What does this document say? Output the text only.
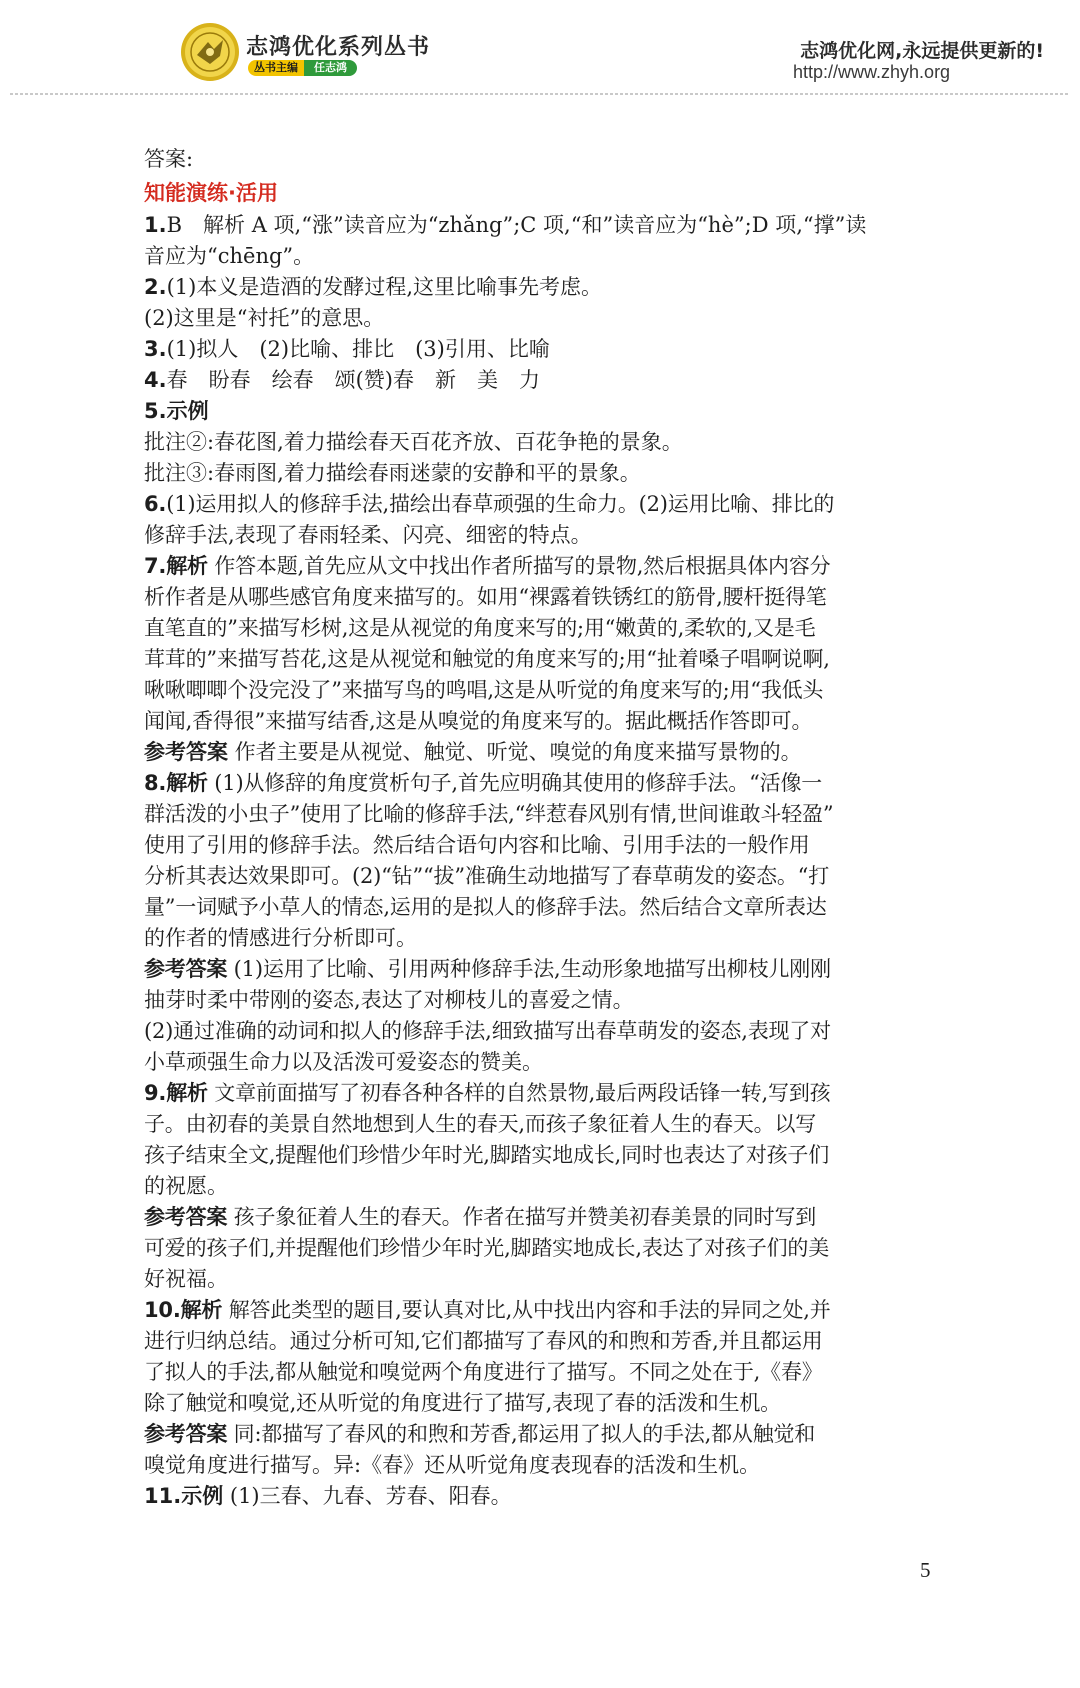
志鸿优化系列丛书
丛书主编	任志鸿
志鸿优化网,永远提供更新的!
http://www.zhyh.org
答案:
知能演练·活用
1.B　解析 A 项,“涨”读音应为“zhǎng”;C 项,“和”读音应为“hè”;D 项,“撑”读
音应为“chēng”。
2.(1)本义是造酒的发酵过程,这里比喻事先考虑。
(2)这里是“衬托”的意思。
3.(1)拟人　(2)比喻、排比　(3)引用、比喻
4.春　盼春　绘春　颂(赞)春　新　美　力
5.示例
批注②:春花图,着力描绘春天百花齐放、百花争艳的景象。
批注③:春雨图,着力描绘春雨迷蒙的安静和平的景象。
6.(1)运用拟人的修辞手法,描绘出春草顽强的生命力。(2)运用比喻、排比的
修辞手法,表现了春雨轻柔、闪亮、细密的特点。
7.解析 作答本题,首先应从文中找出作者所描写的景物,然后根据具体内容分
析作者是从哪些感官角度来描写的。如用“裸露着铁锈红的筋骨,腰杆挺得笔
直笔直的”来描写杉树,这是从视觉的角度来写的;用“嫩黄的,柔软的,又是毛
茸茸的”来描写苔花,这是从视觉和触觉的角度来写的;用“扯着嗓子唱啊说啊,
啾啾唧唧个没完没了”来描写鸟的鸣唱,这是从听觉的角度来写的;用“我低头
闻闻,香得很”来描写结香,这是从嗅觉的角度来写的。据此概括作答即可。
参考答案 作者主要是从视觉、触觉、听觉、嗅觉的角度来描写景物的。
8.解析 (1)从修辞的角度赏析句子,首先应明确其使用的修辞手法。“活像一
群活泼的小虫子”使用了比喻的修辞手法,“绊惹春风别有情,世间谁敢斗轻盈”
使用了引用的修辞手法。然后结合语句内容和比喻、引用手法的一般作用
分析其表达效果即可。(2)“钻”“拔”准确生动地描写了春草萌发的姿态。“打
量”一词赋予小草人的情态,运用的是拟人的修辞手法。然后结合文章所表达
的作者的情感进行分析即可。
参考答案 (1)运用了比喻、引用两种修辞手法,生动形象地描写出柳枝儿刚刚
抽芽时柔中带刚的姿态,表达了对柳枝儿的喜爱之情。
(2)通过准确的动词和拟人的修辞手法,细致描写出春草萌发的姿态,表现了对
小草顽强生命力以及活泼可爱姿态的赞美。
9.解析 文章前面描写了初春各种各样的自然景物,最后两段话锋一转,写到孩
子。由初春的美景自然地想到人生的春天,而孩子象征着人生的春天。以写
孩子结束全文,提醒他们珍惜少年时光,脚踏实地成长,同时也表达了对孩子们
的祝愿。
参考答案 孩子象征着人生的春天。作者在描写并赞美初春美景的同时写到
可爱的孩子们,并提醒他们珍惜少年时光,脚踏实地成长,表达了对孩子们的美
好祝福。
10.解析 解答此类型的题目,要认真对比,从中找出内容和手法的异同之处,并
进行归纳总结。通过分析可知,它们都描写了春风的和煦和芳香,并且都运用
了拟人的手法,都从触觉和嗅觉两个角度进行了描写。不同之处在于,《春》
除了触觉和嗅觉,还从听觉的角度进行了描写,表现了春的活泼和生机。
参考答案 同:都描写了春风的和煦和芳香,都运用了拟人的手法,都从触觉和
嗅觉角度进行描写。异:《春》还从听觉角度表现春的活泼和生机。
11.示例 (1)三春、九春、芳春、阳春。
5
